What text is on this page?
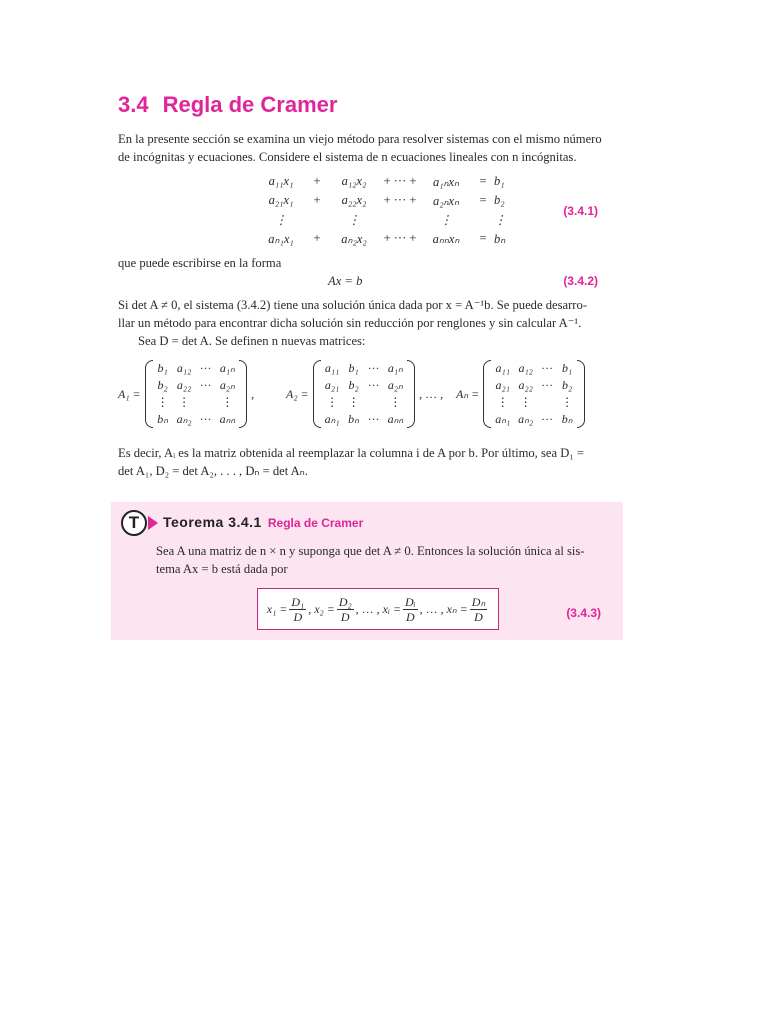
3.4 Regla de Cramer

En la presente sección se examina un viejo método para resolver sistemas con el mismo número

de incógnitas y ecuaciones. Considere el sistema de n ecuaciones lineales con n incógnitas.

a₁₁x₁	+	a₁₂x₂	+ ··· +	a₁ₙxₙ	= b₁
a₂₁x₁	+	a₂₂x₂	+ ··· +	a₂ₙxₙ	= b₂
⋮	⋮	⋮	⋮
aₙ₁x₁	+	aₙ₂x₂	+ ··· +	aₙₙxₙ	= bₙ
(3.4.1)

que puede escribirse en la forma

Ax = b	(3.4.2)

Si det A ≠ 0, el sistema (3.4.2) tiene una solución única dada por x = A⁻¹b. Se puede desarro-

llar un método para encontrar dicha solución sin reducción por renglones y sin calcular A⁻¹.

Sea D = det A. Se definen n nuevas matrices:

A₁ =
b₁	a₁₂	···	a₁ₙ
b₂	a₂₂	···	a₂ₙ
⋮	⋮		⋮
bₙ	aₙ₂	···	aₙₙ
,	A₂ =
a₁₁	b₁	···	a₁ₙ
a₂₁	b₂	···	a₂ₙ
⋮	⋮		⋮
aₙ₁	bₙ	···	aₙₙ
, … , Aₙ =
a₁₁	a₁₂	···	b₁
a₂₁	a₂₂	···	b₂
⋮	⋮		⋮
aₙ₁	aₙ₂	···	bₙ

Es decir, Aᵢ es la matriz obtenida al reemplazar la columna i de A por b. Por último, sea D₁ =

det A₁, D₂ = det A₂, . . . , Dₙ = det Aₙ.

T	Teorema 3.4.1 Regla de Cramer

Sea A una matriz de n × n y suponga que det A ≠ 0. Entonces la solución única al sis-

tema Ax = b está dada por

$x_1 = \frac{\text{D₁}}{D}$ , $x_2 = \frac{\text{D₂}}{D}$ , … , xᵢ = $\frac{\text{Dᵢ}}{D}$ , … , $x_n = \frac{\text{Dₙ}}{D}$	(3.4.3)
